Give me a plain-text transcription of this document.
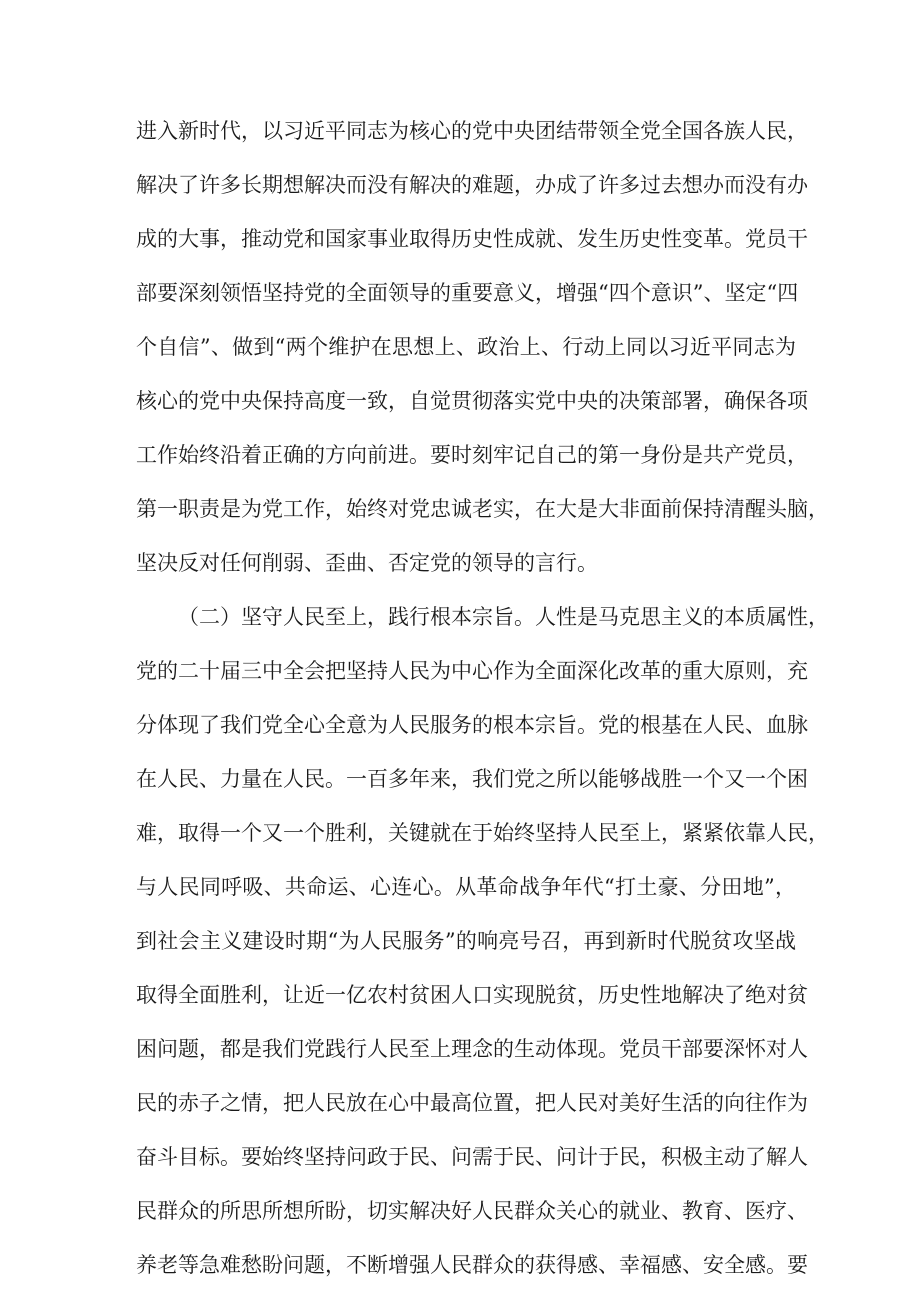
进入新时代，以习近平同志为核心的党中央团结带领全党全国各族人民，
解决了许多长期想解决而没有解决的难题，办成了许多过去想办而没有办
成的大事，推动党和国家事业取得历史性成就、发生历史性变革。党员干
部要深刻领悟坚持党的全面领导的重要意义，增强“四个意识”、坚定“四
个自信”、做到“两个维护在思想上、政治上、行动上同以习近平同志为
核心的党中央保持高度一致，自觉贯彻落实党中央的决策部署，确保各项
工作始终沿着正确的方向前进。要时刻牢记自己的第一身份是共产党员，
第一职责是为党工作，始终对党忠诚老实，在大是大非面前保持清醒头脑，
坚决反对任何削弱、歪曲、否定党的领导的言行。
（二）坚守人民至上，践行根本宗旨。人性是马克思主义的本质属性，
党的二十届三中全会把坚持人民为中心作为全面深化改革的重大原则，充
分体现了我们党全心全意为人民服务的根本宗旨。党的根基在人民、血脉
在人民、力量在人民。一百多年来，我们党之所以能够战胜一个又一个困
难，取得一个又一个胜利，关键就在于始终坚持人民至上，紧紧依靠人民，
与人民同呼吸、共命运、心连心。从革命战争年代“打土豪、分田地”，
到社会主义建设时期“为人民服务”的响亮号召，再到新时代脱贫攻坚战
取得全面胜利，让近一亿农村贫困人口实现脱贫，历史性地解决了绝对贫
困问题，都是我们党践行人民至上理念的生动体现。党员干部要深怀对人
民的赤子之情，把人民放在心中最高位置，把人民对美好生活的向往作为
奋斗目标。要始终坚持问政于民、问需于民、问计于民，积极主动了解人
民群众的所思所想所盼，切实解决好人民群众关心的就业、教育、医疗、
养老等急难愁盼问题，不断增强人民群众的获得感、幸福感、安全感。要
